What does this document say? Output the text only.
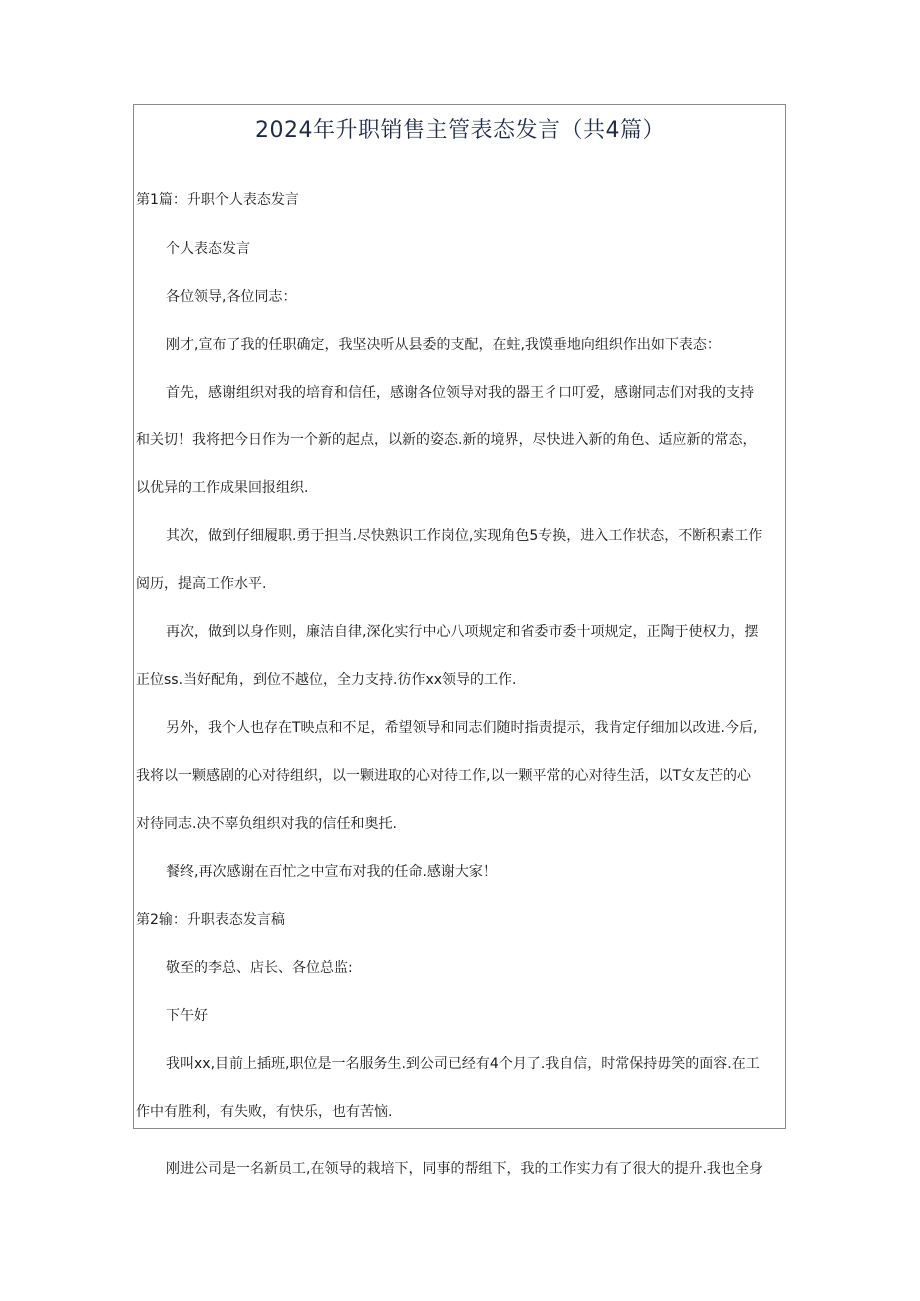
2024年升职销售主管表态发言（共4篇）

第1篇：升职个人表态发言

个人表态发言

各位领导,各位同志：

刚才,宣布了我的任职确定，我坚决听从县委的支配，在蛀,我馍垂地向组织作出如下表态：

首先，感谢组织对我的培育和信任，感谢各位领导对我的器王彳口叮爱，感谢同志们对我的支持

和关切！我将把今日作为一个新的起点，以新的姿态.新的境界，尽快进入新的角色、适应新的常态，

以优异的工作成果回报组织.

其次，做到仔细履职.勇于担当.尽快熟识工作岗位,实现角色5专换，进入工作状态，不断积素工作

阅历，提高工作水平.

再次，做到以身作则，廉洁自律,深化实行中心八项规定和省委市委十项规定，正陶于使权力，摆

正位ss.当好配角，到位不越位，全力支持.彷作xx领导的工作.

另外，我个人也存在T映点和不足，希望领导和同志们随时指责提示，我肯定仔细加以改进.今后,

我将以一颗感剧的心对待组织，以一颗进取的心对待工作,以一颗平常的心对待生活，以T女友芒的心

对待同志.决不辜负组织对我的信任和奥托.

餐终,再次感谢在百忙之中宣布对我的任命.感谢大家！

第2输：升职表态发言稿

敬至的李总、店长、各位总监:

下午好

我叫xx,目前上插班,职位是一名服务生.到公司已经有4个月了.我自信，时常保持毋笑的面容.在工

作中有胜利，有失败，有快乐，也有苦恼.

刚进公司是一名新员工,在领导的栽培下，同事的帮组下，我的工作实力有了很大的提升.我也全身
